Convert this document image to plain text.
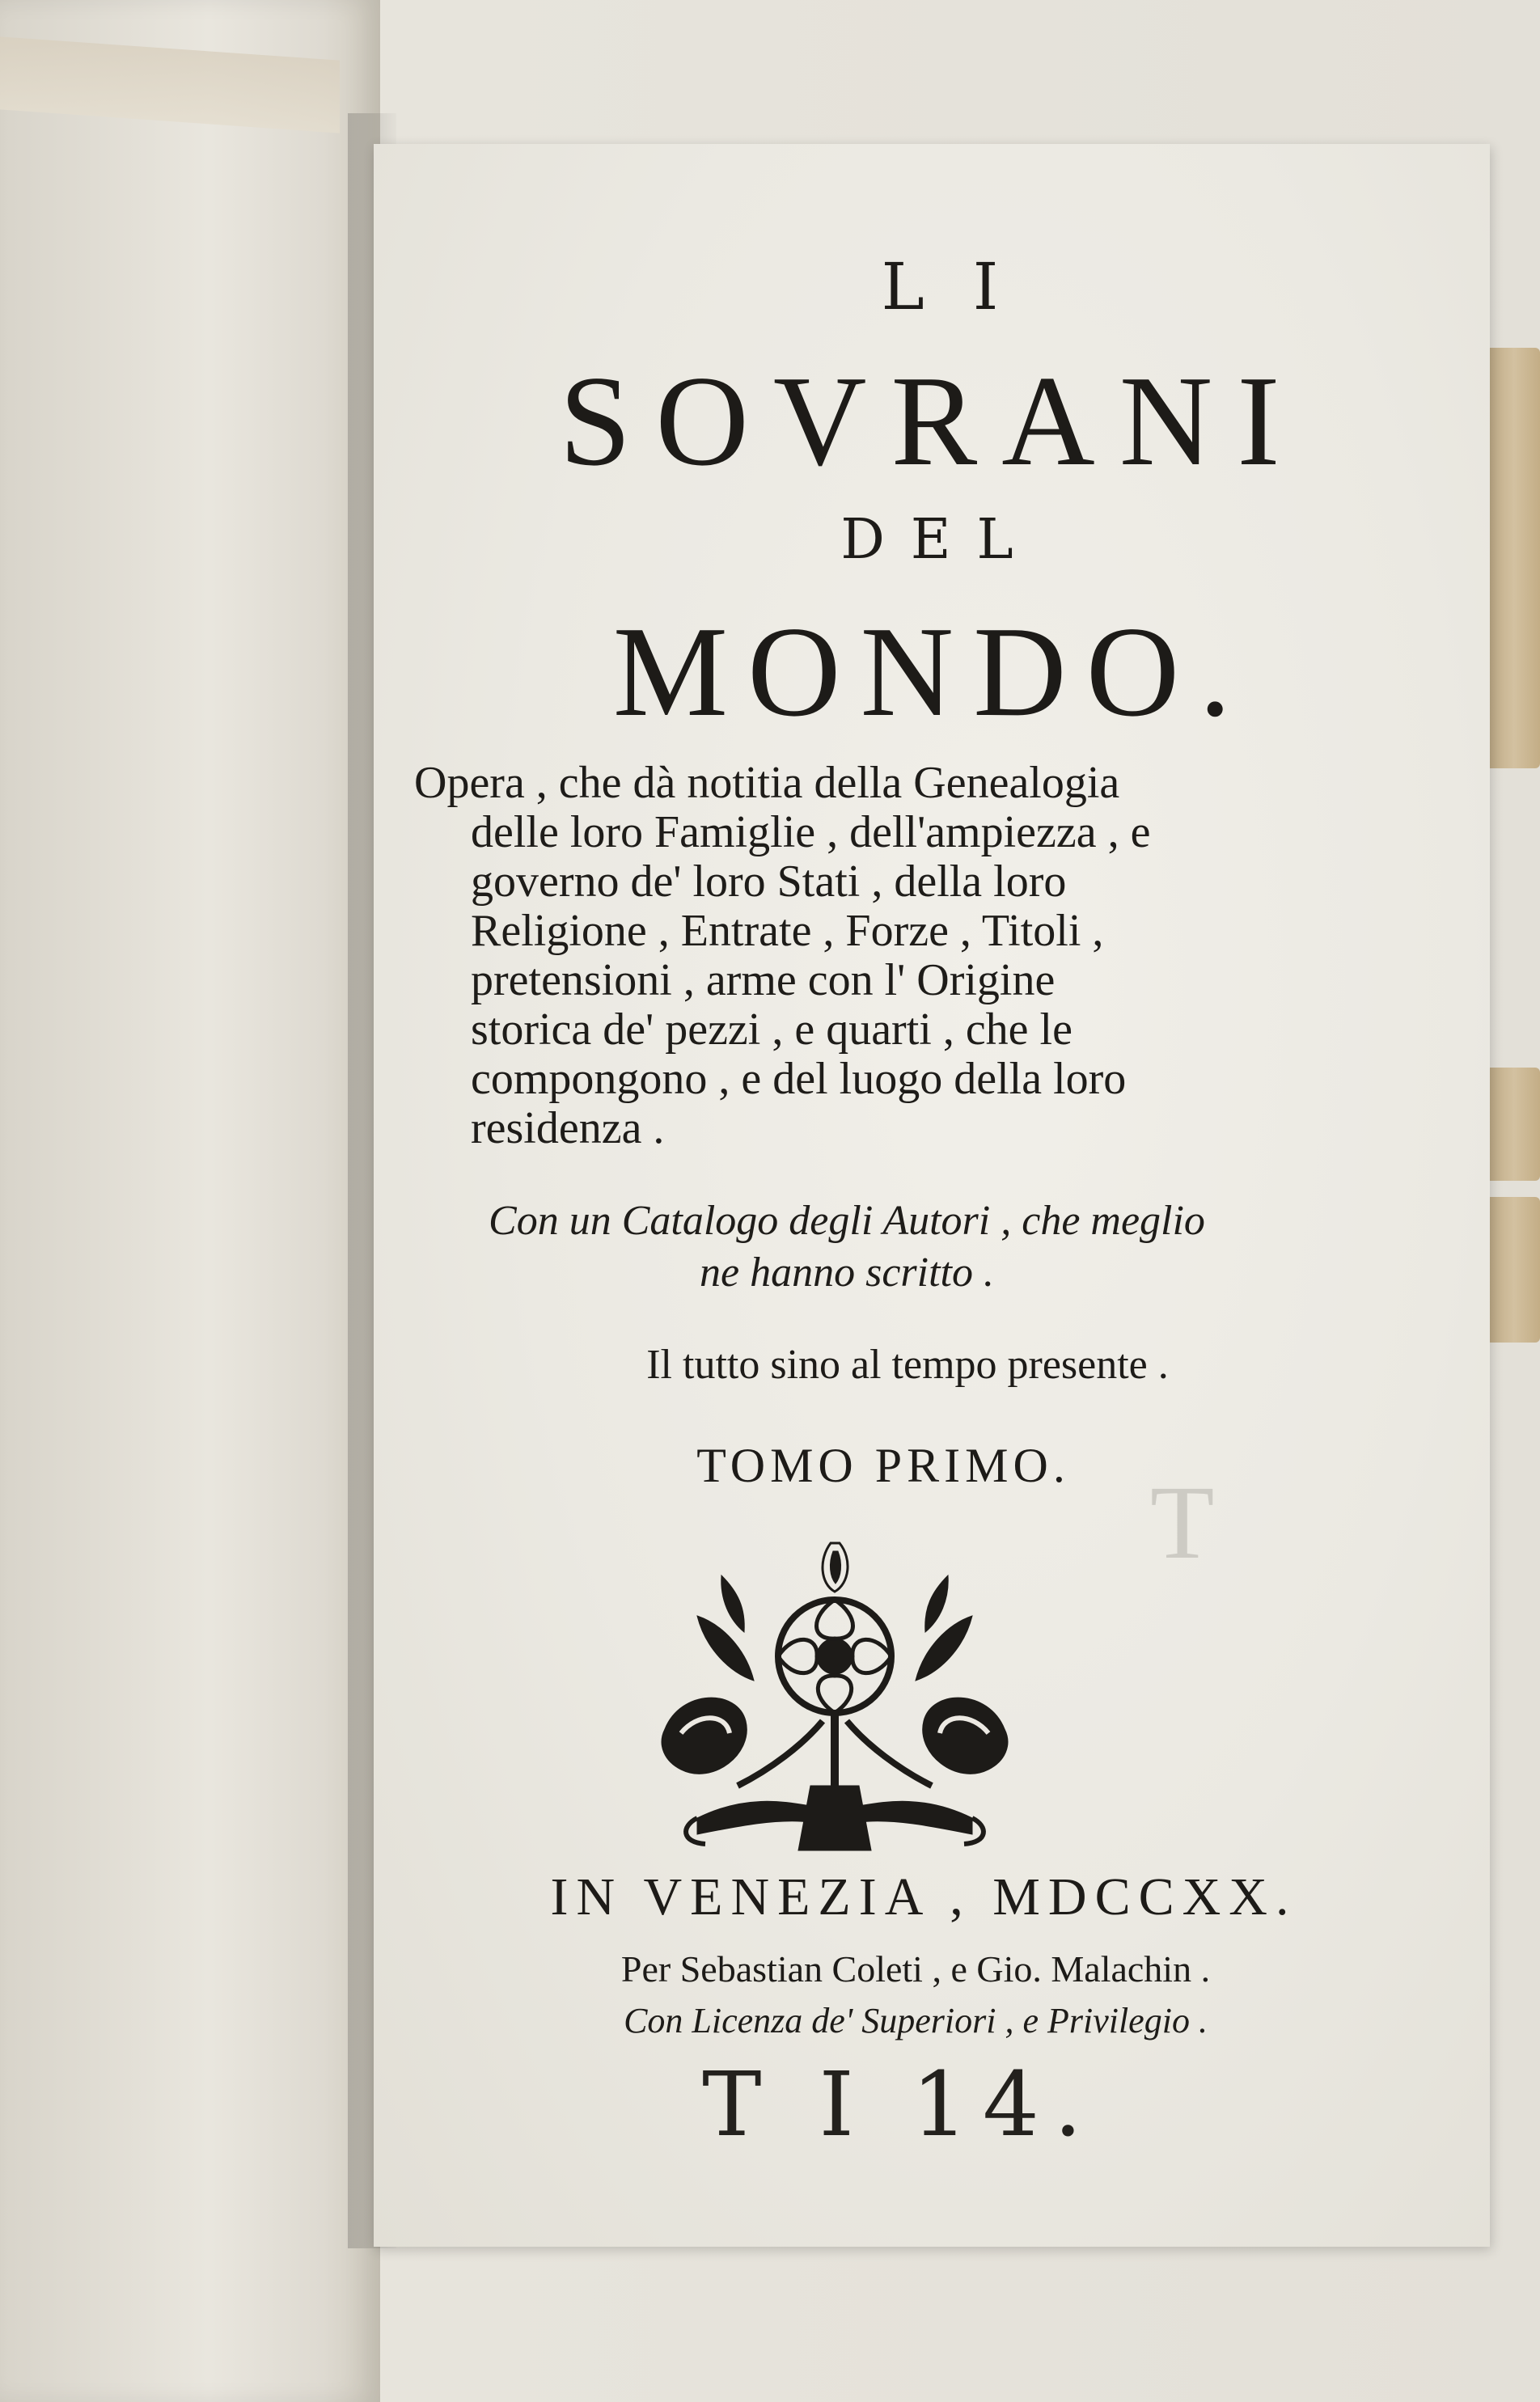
LI
SOVRANI
DEL
MONDO.
Opera , che dà notitia della Genealogia
delle loro Famiglie , dell'ampiezza , e
governo de' loro Stati , della loro
Religione , Entrate , Forze , Titoli ,
pretensioni , arme con l' Origine
storica de' pezzi , e quarti , che le
compongono , e del luogo della loro
residenza .
Con un Catalogo degli Autori , che meglio
ne hanno scritto .
Il tutto sino al tempo presente .
TOMO PRIMO. T
IN VENEZIA , MDCCXX.
Per Sebastian Coleti , e Gio. Malachin .
Con Licenza de' Superiori , e Privilegio .
T I 14.
